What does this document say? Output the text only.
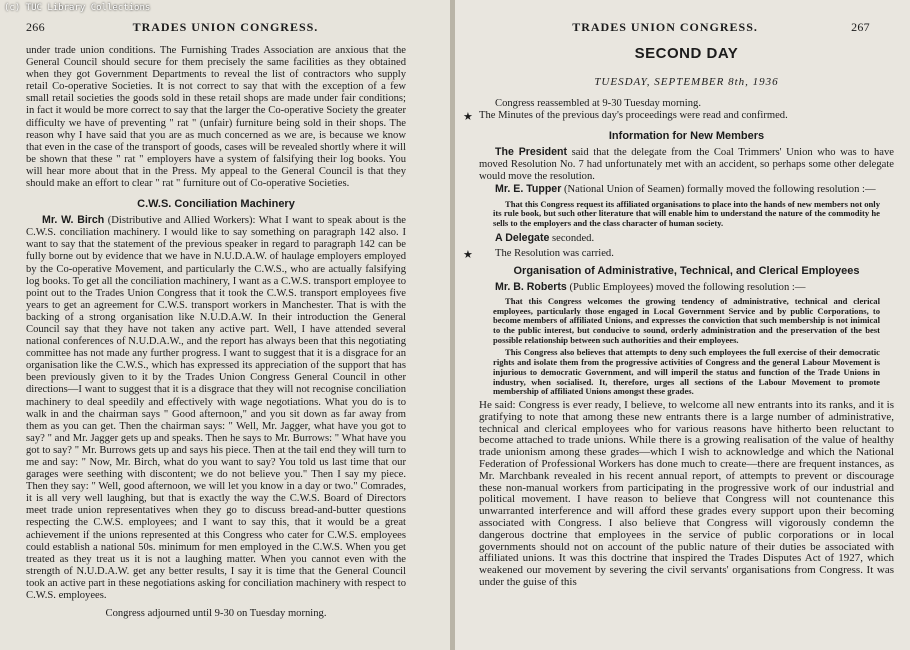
(c) TUC Library Collections
266	TRADES UNION CONGRESS.

under trade union conditions. The Furnishing Trades Association are anxious that the General Council should secure for them precisely the same facilities as they obtained when they got Government Departments to reveal the list of contractors who supply retail Co-operative Societies. It is not correct to say that with the exception of a few small retail societies the goods sold in these retail shops are made under fair conditions; in fact it would be more correct to say that the larger the Co-operative Society the greater difficulty we have of preventing " rat " (unfair) furniture being sold in their shops. The reason why I have said that you are as much concerned as we are, is because we know that even in the case of the transport of goods, cases will be revealed shortly where it will be shown that these " rat " employers have a system of falsifying their log books. You will hear more about that in the Press. My appeal to the General Council is that they should make an effort to clear " rat " furniture out of Co-operative Societies.

C.W.S. Conciliation Machinery

Mr. W. Birch (Distributive and Allied Workers): What I want to speak about is the C.W.S. conciliation machinery. I would like to say something on paragraph 142 also. I want to say that the statement of the previous speaker in regard to paragraph 142 can be fully borne out by evidence that we have in N.U.D.A.W. of haulage employers employed by the Co-operative Movement, and particularly the C.W.S., who are actually falsifying log books. To get all the conciliation machinery, I want as a C.W.S. transport employee to point out to the Trades Union Congress that it took the C.W.S. transport employees five years to get an agreement for C.W.S. transport workers in Manchester. That is with the backing of a strong organisation like N.U.D.A.W. In their introduction the General Council say that they have not taken any active part. Well, I have attended several national conferences of N.U.D.A.W., and the report has always been that this negotiating committee has not made any further progress. I want to suggest that it is a disgrace for an organisation like the C.W.S., which has expressed its appreciation of the support that has been previously given to it by the Trades Union Congress General Council in other directions—I want to suggest that it is a disgrace that they will not recognise conciliation machinery to deal speedily and effectively with wage negotiations. What you do is to walk in and the chairman says " Good afternoon," and you sit down as far away from them as you can get. Then the chairman says: " Well, Mr. Jagger, what have you got to say? " and Mr. Jagger gets up and speaks. Then he says to Mr. Burrows: " What have you got to say? " Mr. Burrows gets up and says his piece. Then at the tail end they will turn to me and say: " Now, Mr. Birch, what do you want to say? You told us last time that our garages were seething with discontent; we do not believe you." Then I say my piece. Then they say: " Well, good afternoon, we will let you know in a day or two." Comrades, it is all very well laughing, but that is exactly the way the C.W.S. Board of Directors meet trade union representatives when they go to discuss bread-and-butter questions respecting the C.W.S. employees; and I want to say this, that it would be a great achievement if the unions represented at this Congress who cater for C.W.S. employees could establish a national 50s. minimum for men employed in the C.W.S. When you get treated as they treat us it is not a laughing matter. When you cannot even with the strength of N.U.D.A.W. get any better results, I say it is time that the General Council took an active part in these negotiations asking for conciliation machinery with respect to C.W.S. employees.

Congress adjourned until 9-30 on Tuesday morning.
TRADES UNION CONGRESS.	267
SECOND DAY
TUESDAY, SEPTEMBER 8th, 1936

Congress reassembled at 9-30 Tuesday morning.

★ The Minutes of the previous day's proceedings were read and confirmed.

Information for New Members

The President said that the delegate from the Coal Trimmers' Union who was to have moved Resolution No. 7 had unfortunately met with an accident, so perhaps some other delegate would move the resolution.

Mr. E. Tupper (National Union of Seamen) formally moved the following resolution :—

That this Congress request its affiliated organisations to place into the hands of new members not only its rule book, but such other literature that will enable him to understand the nature of the commodity he sells to the employers and the class character of human society.

A Delegate seconded.

★	The Resolution was carried.

Organisation of Administrative, Technical, and Clerical Employees

Mr. B. Roberts (Public Employees) moved the following resolution :—

That this Congress welcomes the growing tendency of administrative, technical and clerical employees, particularly those engaged in Local Government Service and by public Corporations, to become members of affiliated Unions, and expresses the conviction that such membership is not inimical to the public interest, but conducive to sound, orderly administration and the preservation of the best possible relationship between such authorities and their employees.

This Congress also believes that attempts to deny such employees the full exercise of their democratic rights and isolate them from the progressive activities of Congress and the general Labour Movement is injurious to democratic Government, and will imperil the status and function of the Trade Unions in industry, when socialised. It, therefore, urges all sections of the Labour Movement to promote membership of affiliated Unions amongst these grades.

He said: Congress is ever ready, I believe, to welcome all new entrants into its ranks, and it is gratifying to note that among these new entrants there is a large number of administrative, technical and clerical employees who for various reasons have hitherto been reluctant to become attached to trade unions. While there is a growing realisation of the value of healthy trade unionism among these grades—which I wish to acknowledge and which the National Federation of Professional Workers has done much to create—there are frequent instances, as Mr. Marchbank revealed in his recent annual report, of attempts to prevent or discourage these non-manual workers from participating in the progressive work of our industrial and political movement. I have reason to believe that Congress will not countenance this unwarranted interference and will afford these grades every support upon their becoming associated with Congress. I also believe that Congress will vigorously condemn the dangerous doctrine that employees in the service of public corporations or in local governments should not on account of the public nature of their duties be associated with affiliated unions. It was this doctrine that inspired the Trades Disputes Act of 1927, which weakened our movement by severing the civil servants' organisations from Congress. It was under the guise of this
